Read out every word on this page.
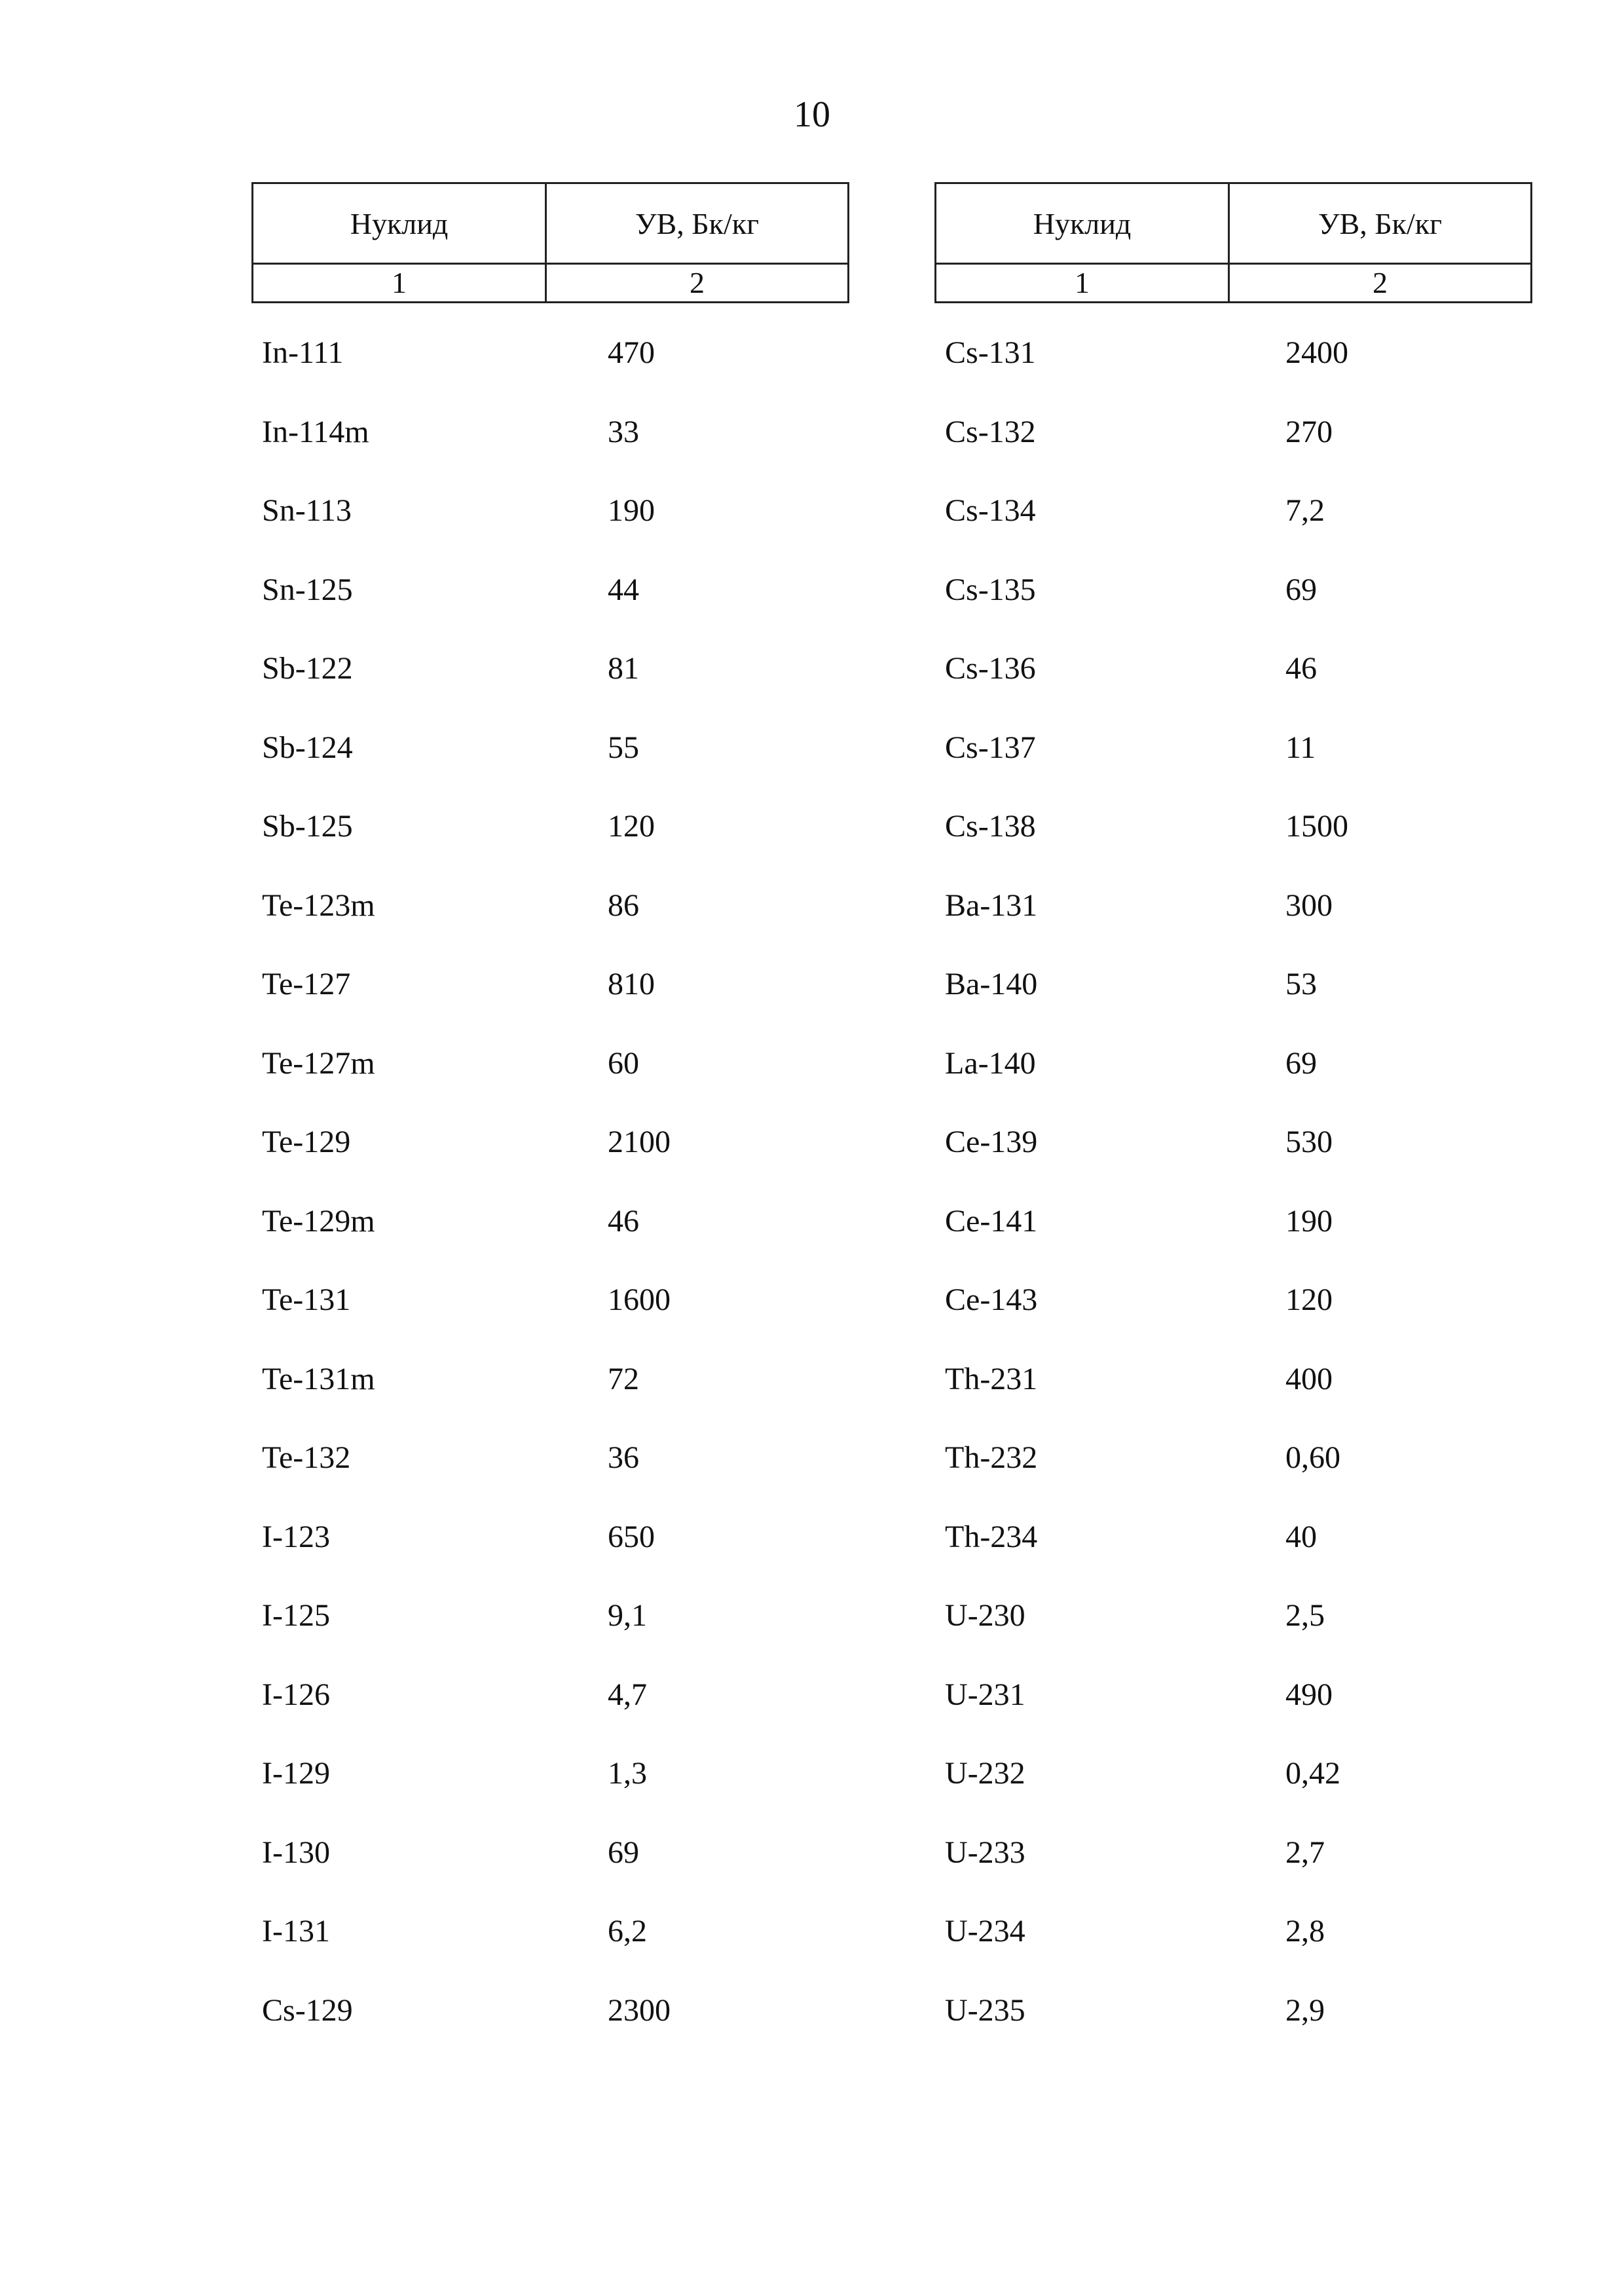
10
Нуклид	УВ, Бк/кг
1	2
In-111	470
In-114m	33
Sn-113	190
Sn-125	44
Sb-122	81
Sb-124	55
Sb-125	120
Te-123m	86
Te-127	810
Te-127m	60
Te-129	2100
Te-129m	46
Te-131	1600
Te-131m	72
Te-132	36
I-123	650
I-125	9,1
I-126	4,7
I-129	1,3
I-130	69
I-131	6,2
Cs-129	2300
Нуклид	УВ, Бк/кг
1	2
Cs-131	2400
Cs-132	270
Cs-134	7,2
Cs-135	69
Cs-136	46
Cs-137	11
Cs-138	1500
Ba-131	300
Ba-140	53
La-140	69
Ce-139	530
Ce-141	190
Ce-143	120
Th-231	400
Th-232	0,60
Th-234	40
U-230	2,5
U-231	490
U-232	0,42
U-233	2,7
U-234	2,8
U-235	2,9
